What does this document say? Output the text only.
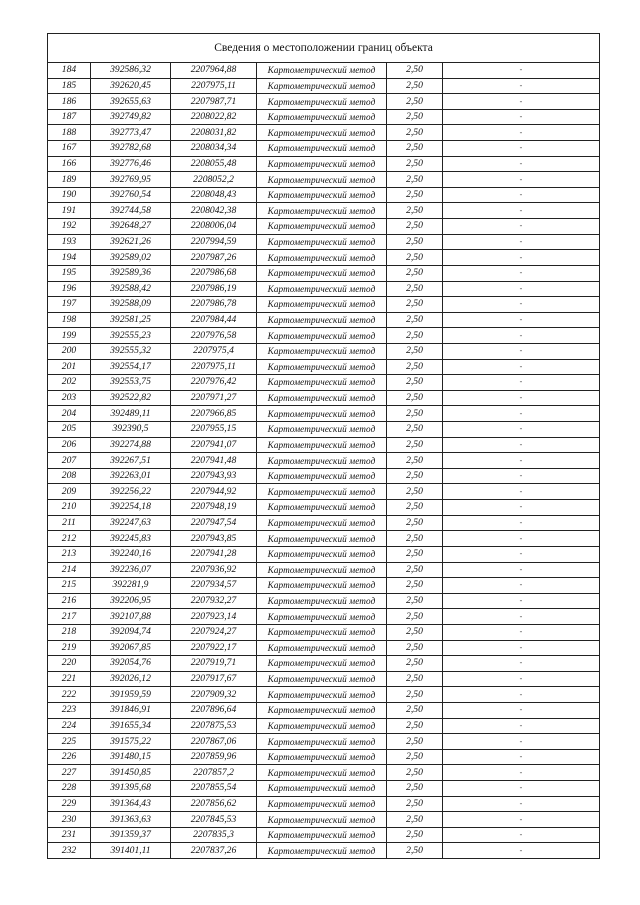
Сведения о местоположении границ объекта					
184	392586,32	2207964,88	Картометрический метод	2,50	-
185	392620,45	2207975,11	Картометрический метод	2,50	-
186	392655,63	2207987,71	Картометрический метод	2,50	-
187	392749,82	2208022,82	Картометрический метод	2,50	-
188	392773,47	2208031,82	Картометрический метод	2,50	-
167	392782,68	2208034,34	Картометрический метод	2,50	-
166	392776,46	2208055,48	Картометрический метод	2,50	-
189	392769,95	2208052,2	Картометрический метод	2,50	-
190	392760,54	2208048,43	Картометрический метод	2,50	-
191	392744,58	2208042,38	Картометрический метод	2,50	-
192	392648,27	2208006,04	Картометрический метод	2,50	-
193	392621,26	2207994,59	Картометрический метод	2,50	-
194	392589,02	2207987,26	Картометрический метод	2,50	-
195	392589,36	2207986,68	Картометрический метод	2,50	-
196	392588,42	2207986,19	Картометрический метод	2,50	-
197	392588,09	2207986,78	Картометрический метод	2,50	-
198	392581,25	2207984,44	Картометрический метод	2,50	-
199	392555,23	2207976,58	Картометрический метод	2,50	-
200	392555,32	2207975,4	Картометрический метод	2,50	-
201	392554,17	2207975,11	Картометрический метод	2,50	-
202	392553,75	2207976,42	Картометрический метод	2,50	-
203	392522,82	2207971,27	Картометрический метод	2,50	-
204	392489,11	2207966,85	Картометрический метод	2,50	-
205	392390,5	2207955,15	Картометрический метод	2,50	-
206	392274,88	2207941,07	Картометрический метод	2,50	-
207	392267,51	2207941,48	Картометрический метод	2,50	-
208	392263,01	2207943,93	Картометрический метод	2,50	-
209	392256,22	2207944,92	Картометрический метод	2,50	-
210	392254,18	2207948,19	Картометрический метод	2,50	-
211	392247,63	2207947,54	Картометрический метод	2,50	-
212	392245,83	2207943,85	Картометрический метод	2,50	-
213	392240,16	2207941,28	Картометрический метод	2,50	-
214	392236,07	2207936,92	Картометрический метод	2,50	-
215	392281,9	2207934,57	Картометрический метод	2,50	-
216	392206,95	2207932,27	Картометрический метод	2,50	-
217	392107,88	2207923,14	Картометрический метод	2,50	-
218	392094,74	2207924,27	Картометрический метод	2,50	-
219	392067,85	2207922,17	Картометрический метод	2,50	-
220	392054,76	2207919,71	Картометрический метод	2,50	-
221	392026,12	2207917,67	Картометрический метод	2,50	-
222	391959,59	2207909,32	Картометрический метод	2,50	-
223	391846,91	2207896,64	Картометрический метод	2,50	-
224	391655,34	2207875,53	Картометрический метод	2,50	-
225	391575,22	2207867,06	Картометрический метод	2,50	-
226	391480,15	2207859,96	Картометрический метод	2,50	-
227	391450,85	2207857,2	Картометрический метод	2,50	-
228	391395,68	2207855,54	Картометрический метод	2,50	-
229	391364,43	2207856,62	Картометрический метод	2,50	-
230	391363,63	2207845,53	Картометрический метод	2,50	-
231	391359,37	2207835,3	Картометрический метод	2,50	-
232	391401,11	2207837,26	Картометрический метод	2,50	-
